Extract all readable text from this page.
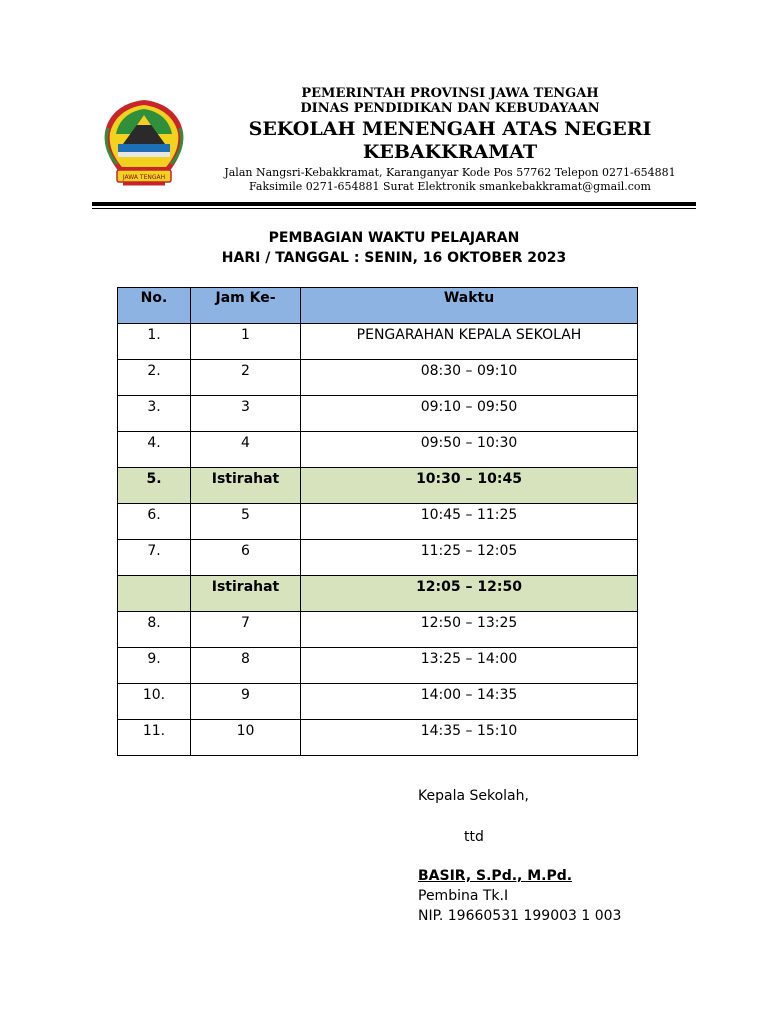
JAWA TENGAH
PEMERINTAH PROVINSI JAWA TENGAH
DINAS PENDIDIKAN DAN KEBUDAYAAN
SEKOLAH MENENGAH ATAS NEGERI
KEBAKKRAMAT
Jalan Nangsri-Kebakkramat, Karanganyar Kode Pos 57762 Telepon 0271-654881
Faksimile 0271-654881 Surat Elektronik smankebakkramat@gmail.com
PEMBAGIAN WAKTU PELAJARAN
HARI / TANGGAL : SENIN, 16 OKTOBER 2023
No.	Jam Ke-	Waktu
1.	1	PENGARAHAN KEPALA SEKOLAH
2.	2	08:30 – 09:10
3.	3	09:10 – 09:50
4.	4	09:50 – 10:30
5.	Istirahat	10:30 – 10:45
6.	5	10:45 – 11:25
7.	6	11:25 – 12:05
	Istirahat	12:05 – 12:50
8.	7	12:50 – 13:25
9.	8	13:25 – 14:00
10.	9	14:00 – 14:35
11.	10	14:35 – 15:10
Kepala Sekolah,
ttd
BASIR, S.Pd., M.Pd.
Pembina Tk.I
NIP. 19660531 199003 1 003
